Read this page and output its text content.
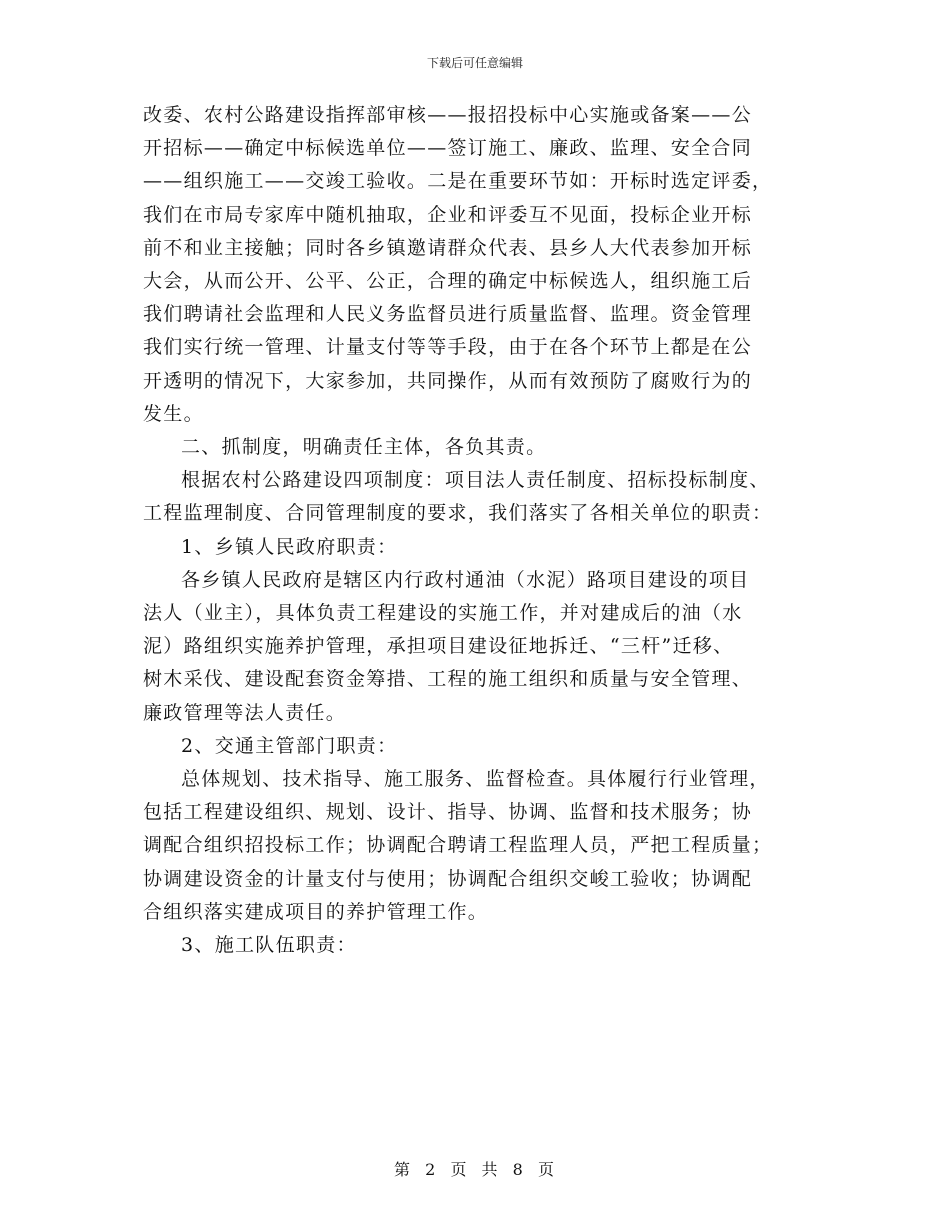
下载后可任意编辑

改委、农村公路建设指挥部审核——报招投标中心实施或备案——公

开招标——确定中标候选单位——签订施工、廉政、监理、安全合同

——组织施工——交竣工验收。二是在重要环节如：开标时选定评委，

我们在市局专家库中随机抽取，企业和评委互不见面，投标企业开标

前不和业主接触；同时各乡镇邀请群众代表、县乡人大代表参加开标

大会，从而公开、公平、公正，合理的确定中标候选人，组织施工后

我们聘请社会监理和人民义务监督员进行质量监督、监理。资金管理

我们实行统一管理、计量支付等等手段，由于在各个环节上都是在公

开透明的情况下，大家参加，共同操作，从而有效预防了腐败行为的

发生。

二、抓制度，明确责任主体，各负其责。

根据农村公路建设四项制度：项目法人责任制度、招标投标制度、

工程监理制度、合同管理制度的要求，我们落实了各相关单位的职责：

1、乡镇人民政府职责：

各乡镇人民政府是辖区内行政村通油（水泥）路项目建设的项目

法人（业主），具体负责工程建设的实施工作，并对建成后的油（水

泥）路组织实施养护管理，承担项目建设征地拆迁、“三杆”迁移、

树木采伐、建设配套资金筹措、工程的施工组织和质量与安全管理、

廉政管理等法人责任。

2、交通主管部门职责：

总体规划、技术指导、施工服务、监督检查。具体履行行业管理，

包括工程建设组织、规划、设计、指导、协调、监督和技术服务；协

调配合组织招投标工作；协调配合聘请工程监理人员，严把工程质量；

协调建设资金的计量支付与使用；协调配合组织交峻工验收；协调配

合组织落实建成项目的养护管理工作。

3、施工队伍职责：

第 2 页 共 8 页
